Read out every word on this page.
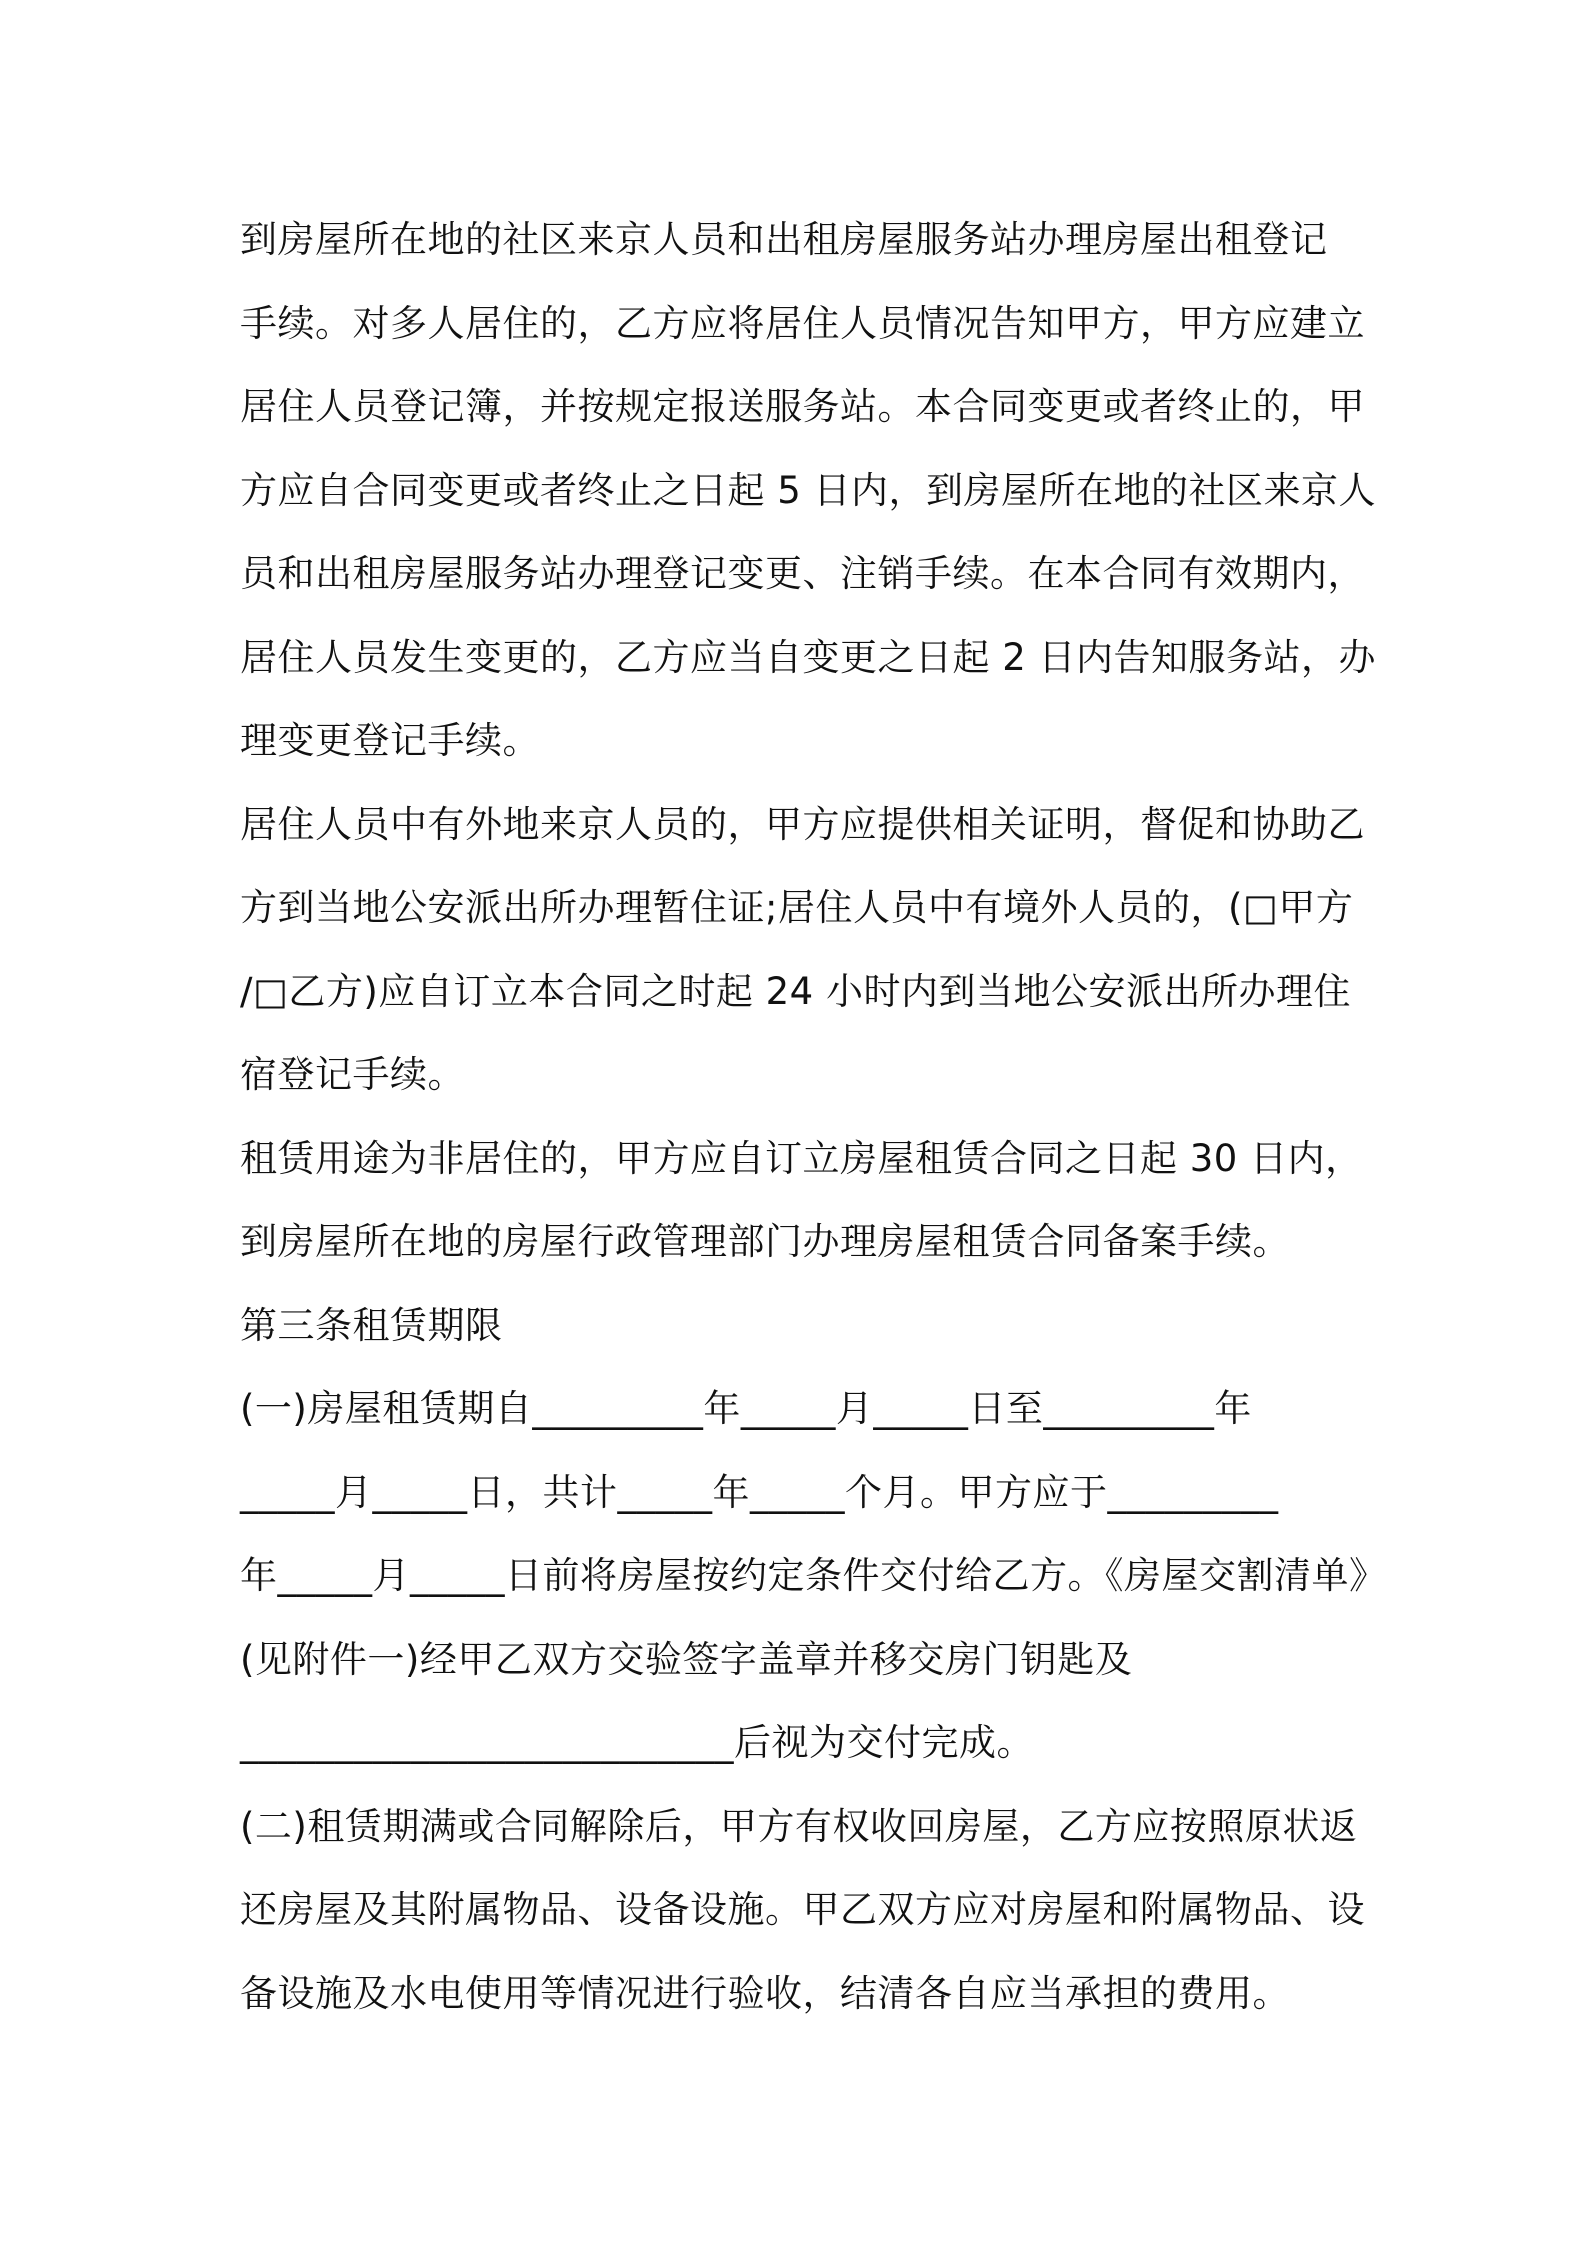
到房屋所在地的社区来京人员和出租房屋服务站办理房屋出租登记
手续。对多人居住的，乙方应将居住人员情况告知甲方，甲方应建立
居住人员登记簿，并按规定报送服务站。本合同变更或者终止的，甲
方应自合同变更或者终止之日起 5 日内，到房屋所在地的社区来京人
员和出租房屋服务站办理登记变更、注销手续。在本合同有效期内，
居住人员发生变更的，乙方应当自变更之日起 2 日内告知服务站，办
理变更登记手续。
居住人员中有外地来京人员的，甲方应提供相关证明，督促和协助乙
方到当地公安派出所办理暂住证;居住人员中有境外人员的，(□甲方
/□乙方)应自订立本合同之时起 24 小时内到当地公安派出所办理住
宿登记手续。
租赁用途为非居住的，甲方应自订立房屋租赁合同之日起 30 日内，
到房屋所在地的房屋行政管理部门办理房屋租赁合同备案手续。
第三条租赁期限
(一)房屋租赁期自_________年_____月_____日至_________年
_____月_____日，共计_____年_____个月。甲方应于_________
年_____月_____日前将房屋按约定条件交付给乙方。《房屋交割清单》
(见附件一)经甲乙双方交验签字盖章并移交房门钥匙及
__________________________后视为交付完成。
(二)租赁期满或合同解除后，甲方有权收回房屋，乙方应按照原状返
还房屋及其附属物品、设备设施。甲乙双方应对房屋和附属物品、设
备设施及水电使用等情况进行验收，结清各自应当承担的费用。
